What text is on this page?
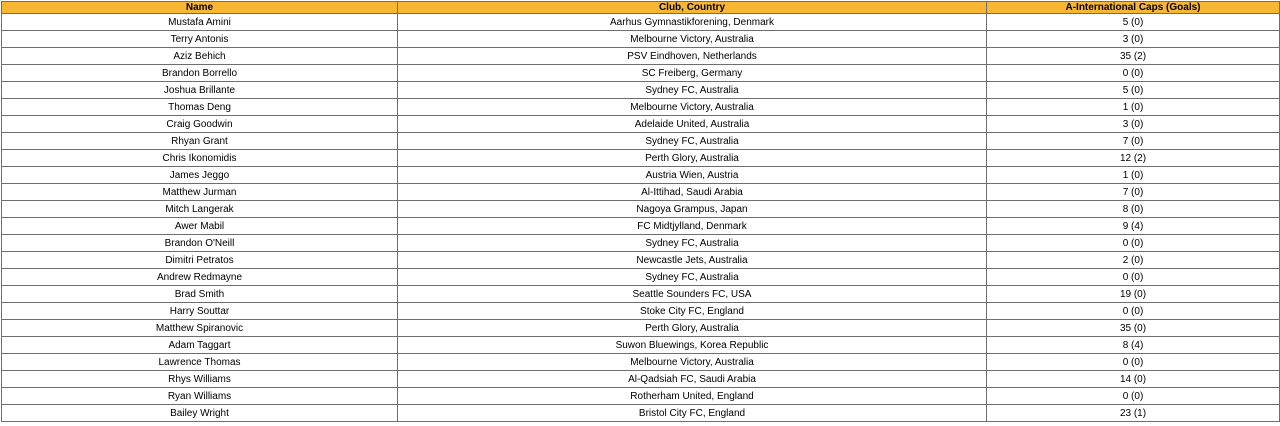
Name	Club, Country	A-International Caps (Goals)
Mustafa Amini	Aarhus Gymnastikforening, Denmark	5 (0)
Terry Antonis	Melbourne Victory, Australia	3 (0)
Aziz Behich	PSV Eindhoven, Netherlands	35 (2)
Brandon Borrello	SC Freiberg, Germany	0 (0)
Joshua Brillante	Sydney FC, Australia	5 (0)
Thomas Deng	Melbourne Victory, Australia	1 (0)
Craig Goodwin	Adelaide United, Australia	3 (0)
Rhyan Grant	Sydney FC, Australia	7 (0)
Chris Ikonomidis	Perth Glory, Australia	12 (2)
James Jeggo	Austria Wien, Austria	1 (0)
Matthew Jurman	Al-Ittihad, Saudi Arabia	7 (0)
Mitch Langerak	Nagoya Grampus, Japan	8 (0)
Awer Mabil	FC Midtjylland, Denmark	9 (4)
Brandon O'Neill	Sydney FC, Australia	0 (0)
Dimitri Petratos	Newcastle Jets, Australia	2 (0)
Andrew Redmayne	Sydney FC, Australia	0 (0)
Brad Smith	Seattle Sounders FC, USA	19 (0)
Harry Souttar	Stoke City FC, England	0 (0)
Matthew Spiranovic	Perth Glory, Australia	35 (0)
Adam Taggart	Suwon Bluewings, Korea Republic	8 (4)
Lawrence Thomas	Melbourne Victory, Australia	0 (0)
Rhys Williams	Al-Qadsiah FC, Saudi Arabia	14 (0)
Ryan Williams	Rotherham United, England	0 (0)
Bailey Wright	Bristol City FC, England	23 (1)
